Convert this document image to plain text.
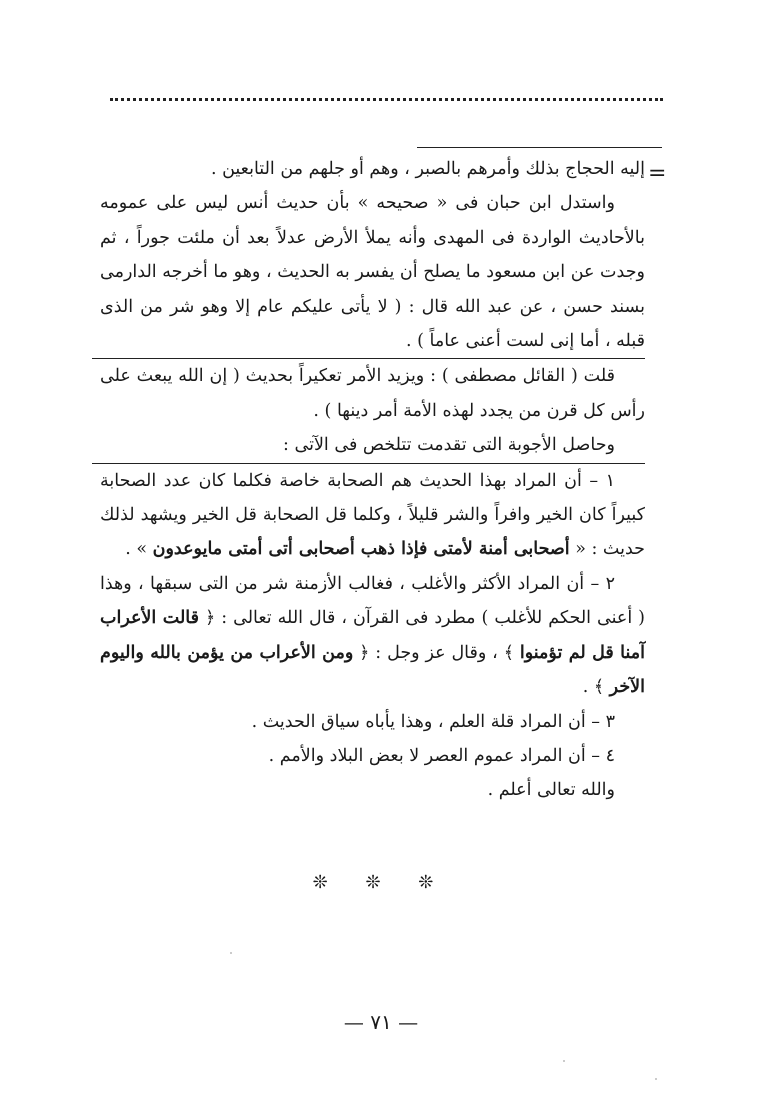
=

إليه الحجاج بذلك وأمرهم بالصبر ، وهم أو جلهم من التابعين .

واستدل ابن حبان فى « صحيحه » بأن حديث أنس ليس على عمومه بالأحاديث الواردة فى المهدى وأنه يملأ الأرض عدلاً بعد أن ملئت جوراً ، ثم وجدت عن ابن مسعود ما يصلح أن يفسر به الحديث ، وهو ما أخرجه الدارمى بسند حسن ، عن عبد الله قال : ( لا يأتى عليكم عام إلا وهو شر من الذى قبله ، أما إنى لست أعنى عاماً ) .

قلت ( القائل مصطفى ) : ويزيد الأمر تعكيراً بحديث ( إن الله يبعث على رأس كل قرن من يجدد لهذه الأمة أمر دينها ) .

وحاصل الأجوبة التى تقدمت تتلخص فى الآتى :

١ – أن المراد بهذا الحديث هم الصحابة خاصة فكلما كان عدد الصحابة كبيراً كان الخير وافراً والشر قليلاً ، وكلما قل الصحابة قل الخير ويشهد لذلك حديث : « أصحابى أمنة لأمتى فإذا ذهب أصحابى أتى أمتى مايوعدون » .

٢ – أن المراد الأكثر والأغلب ، فغالب الأزمنة شر من التى سبقها ، وهذا ( أعنى الحكم للأغلب ) مطرد فى القرآن ، قال الله تعالى : ﴿ قالت الأعراب آمنا قل لم تؤمنوا ﴾ ، وقال عز وجل : ﴿ ومن الأعراب من يؤمن بالله واليوم الآخر ﴾ .

٣ – أن المراد قلة العلم ، وهذا يأباه سياق الحديث .

٤ – أن المراد عموم العصر لا بعض البلاد والأمم .

والله تعالى أعلم .

❊ ❊ ❊
— ٧١ —
